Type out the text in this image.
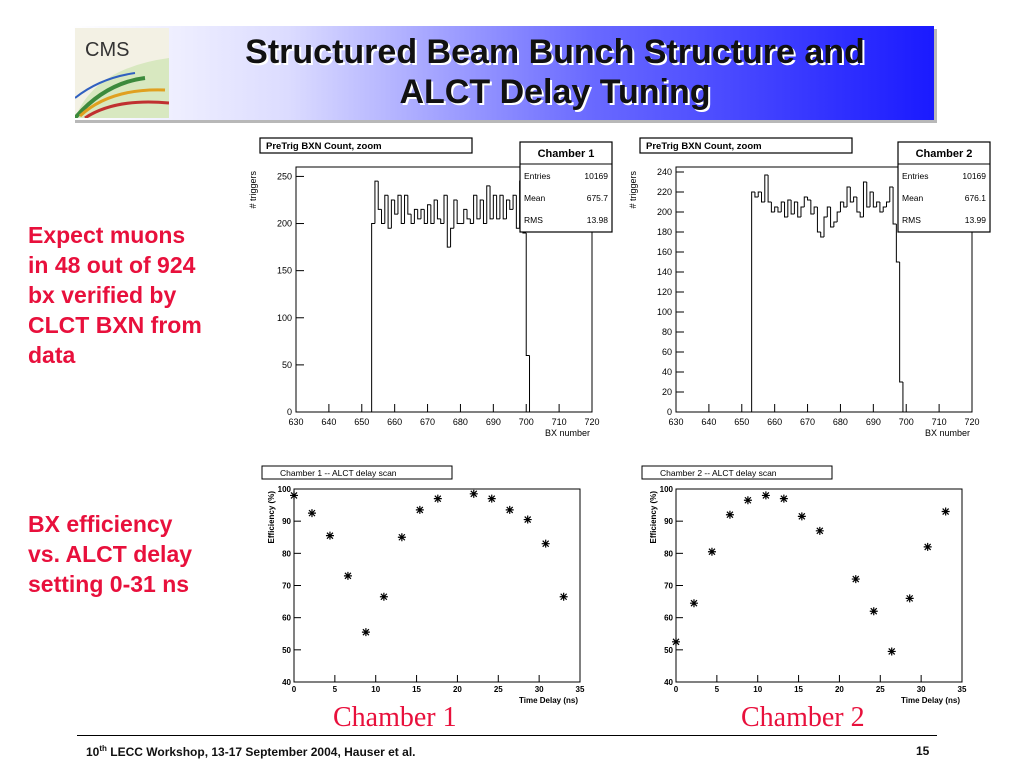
CMS	Structured Beam Bunch Structure and
ALCT Delay Tuning
Expect muons
in 48 out of 924
bx verified by
CLCT BXN from
data
BX efficiency
vs. ALCT delay
setting 0-31 ns
PreTrig BXN Count, zoom
630 640 650 660 670 680 690 700 710 720
0
50
100
150
200
250
BX number
# triggers
Chamber 1
Entries	10169
Mean	675.7
RMS	13.98
PreTrig BXN Count, zoom
630 640 650 660 670 680 690 700 710 720
0
20
40
60
80
100
120
140
160
180
200
220
240
BX number
# triggers
Chamber 2
Entries	10169
Mean	676.1
RMS	13.99
Chamber 1 -- ALCT delay scan
0	5	10	15	20	25	30	35
40
50
60
70
80
90
100
Time Delay (ns)
Efficiency (%)
Chamber 2 -- ALCT delay scan
0	5	10	15	20	25	30	35
40
50
60
70
80
90
100
Time Delay (ns)
Efficiency (%)
Chamber 1	Chamber 2
10th LECC Workshop, 13-17 September 2004, Hauser et al.	15
